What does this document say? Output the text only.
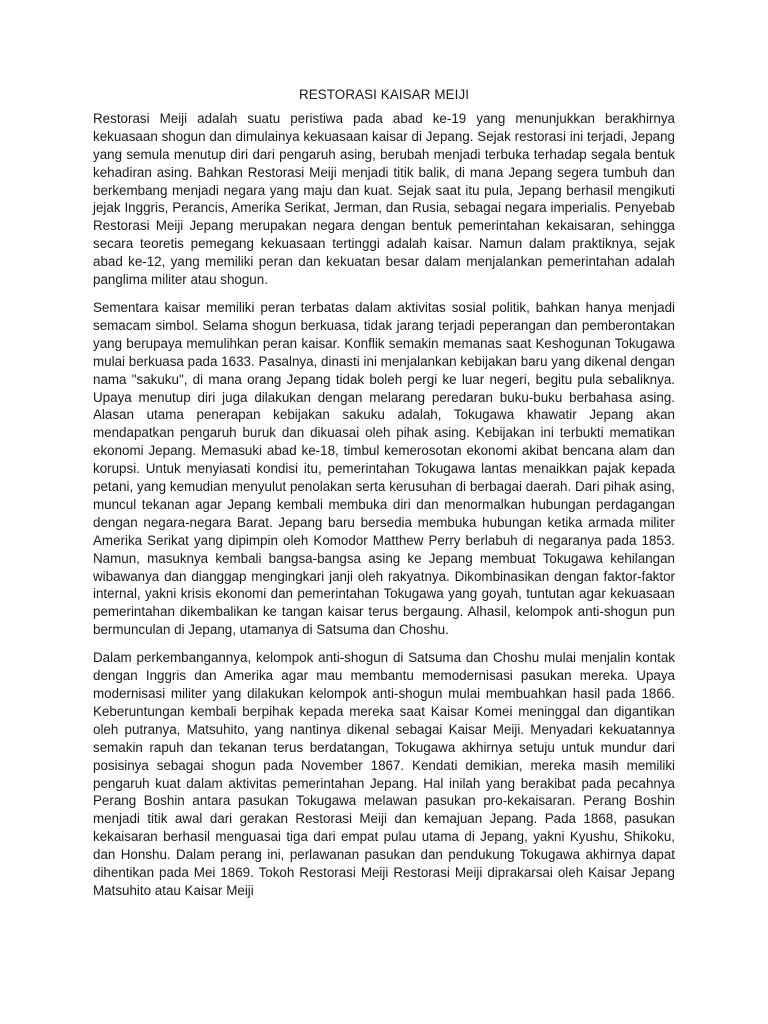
RESTORASI KAISAR MEIJI

Restorasi Meiji adalah suatu peristiwa pada abad ke-19 yang menunjukkan berakhirnya kekuasaan shogun dan dimulainya kekuasaan kaisar di Jepang. Sejak restorasi ini terjadi, Jepang yang semula menutup diri dari pengaruh asing, berubah menjadi terbuka terhadap segala bentuk kehadiran asing. Bahkan Restorasi Meiji menjadi titik balik, di mana Jepang segera tumbuh dan berkembang menjadi negara yang maju dan kuat. Sejak saat itu pula, Jepang berhasil mengikuti jejak Inggris, Perancis, Amerika Serikat, Jerman, dan Rusia, sebagai negara imperialis. Penyebab Restorasi Meiji Jepang merupakan negara dengan bentuk pemerintahan kekaisaran, sehingga secara teoretis pemegang kekuasaan tertinggi adalah kaisar. Namun dalam praktiknya, sejak abad ke-12, yang memiliki peran dan kekuatan besar dalam menjalankan pemerintahan adalah panglima militer atau shogun.

Sementara kaisar memiliki peran terbatas dalam aktivitas sosial politik, bahkan hanya menjadi semacam simbol. Selama shogun berkuasa, tidak jarang terjadi peperangan dan pemberontakan yang berupaya memulihkan peran kaisar. Konflik semakin memanas saat Keshogunan Tokugawa mulai berkuasa pada 1633. Pasalnya, dinasti ini menjalankan kebijakan baru yang dikenal dengan nama "sakuku", di mana orang Jepang tidak boleh pergi ke luar negeri, begitu pula sebaliknya. Upaya menutup diri juga dilakukan dengan melarang peredaran buku-buku berbahasa asing. Alasan utama penerapan kebijakan sakuku adalah, Tokugawa khawatir Jepang akan mendapatkan pengaruh buruk dan dikuasai oleh pihak asing. Kebijakan ini terbukti mematikan ekonomi Jepang. Memasuki abad ke-18, timbul kemerosotan ekonomi akibat bencana alam dan korupsi. Untuk menyiasati kondisi itu, pemerintahan Tokugawa lantas menaikkan pajak kepada petani, yang kemudian menyulut penolakan serta kerusuhan di berbagai daerah. Dari pihak asing, muncul tekanan agar Jepang kembali membuka diri dan menormalkan hubungan perdagangan dengan negara-negara Barat. Jepang baru bersedia membuka hubungan ketika armada militer Amerika Serikat yang dipimpin oleh Komodor Matthew Perry berlabuh di negaranya pada 1853. Namun, masuknya kembali bangsa-bangsa asing ke Jepang membuat Tokugawa kehilangan wibawanya dan dianggap mengingkari janji oleh rakyatnya. Dikombinasikan dengan faktor-faktor internal, yakni krisis ekonomi dan pemerintahan Tokugawa yang goyah, tuntutan agar kekuasaan pemerintahan dikembalikan ke tangan kaisar terus bergaung. Alhasil, kelompok anti-shogun pun bermunculan di Jepang, utamanya di Satsuma dan Choshu.

Dalam perkembangannya, kelompok anti-shogun di Satsuma dan Choshu mulai menjalin kontak dengan Inggris dan Amerika agar mau membantu memodernisasi pasukan mereka. Upaya modernisasi militer yang dilakukan kelompok anti-shogun mulai membuahkan hasil pada 1866. Keberuntungan kembali berpihak kepada mereka saat Kaisar Komei meninggal dan digantikan oleh putranya, Matsuhito, yang nantinya dikenal sebagai Kaisar Meiji. Menyadari kekuatannya semakin rapuh dan tekanan terus berdatangan, Tokugawa akhirnya setuju untuk mundur dari posisinya sebagai shogun pada November 1867. Kendati demikian, mereka masih memiliki pengaruh kuat dalam aktivitas pemerintahan Jepang. Hal inilah yang berakibat pada pecahnya Perang Boshin antara pasukan Tokugawa melawan pasukan pro-kekaisaran. Perang Boshin menjadi titik awal dari gerakan Restorasi Meiji dan kemajuan Jepang. Pada 1868, pasukan kekaisaran berhasil menguasai tiga dari empat pulau utama di Jepang, yakni Kyushu, Shikoku, dan Honshu. Dalam perang ini, perlawanan pasukan dan pendukung Tokugawa akhirnya dapat dihentikan pada Mei 1869. Tokoh Restorasi Meiji Restorasi Meiji diprakarsai oleh Kaisar Jepang Matsuhito atau Kaisar Meiji
